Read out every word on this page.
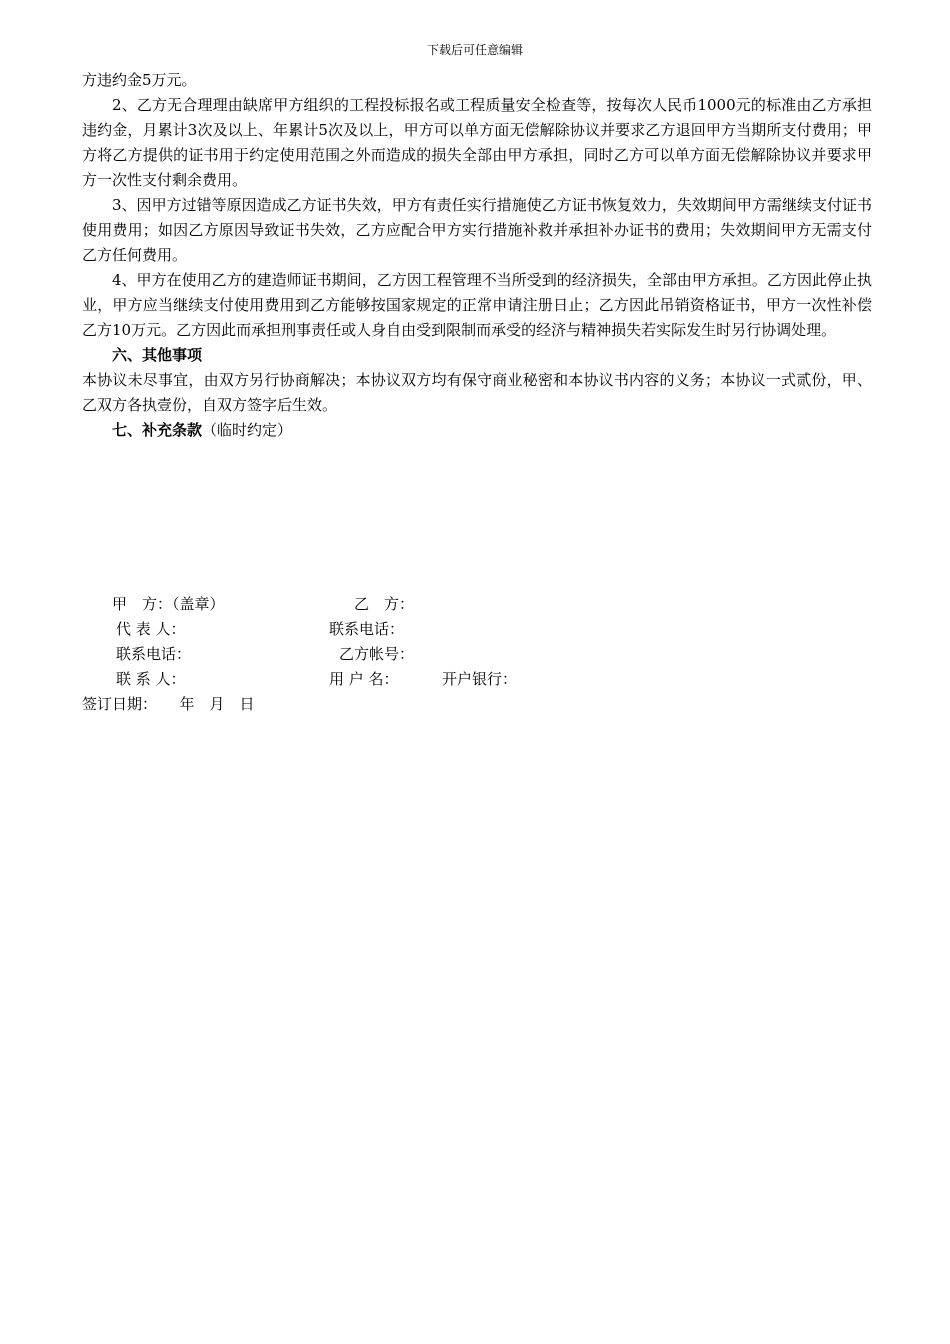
下载后可任意编辑

方违约金5万元。

2、乙方无合理理由缺席甲方组织的工程投标报名或工程质量安全检查等，按每次人民币1000元的标准由乙方承担违约金，月累计3次及以上、年累计5次及以上，甲方可以单方面无偿解除协议并要求乙方退回甲方当期所支付费用；甲方将乙方提供的证书用于约定使用范围之外而造成的损失全部由甲方承担，同时乙方可以单方面无偿解除协议并要求甲方一次性支付剩余费用。

3、因甲方过错等原因造成乙方证书失效，甲方有责任实行措施使乙方证书恢复效力，失效期间甲方需继续支付证书使用费用；如因乙方原因导致证书失效，乙方应配合甲方实行措施补救并承担补办证书的费用；失效期间甲方无需支付乙方任何费用。

4、甲方在使用乙方的建造师证书期间，乙方因工程管理不当所受到的经济损失，全部由甲方承担。乙方因此停止执业，甲方应当继续支付使用费用到乙方能够按国家规定的正常申请注册日止；乙方因此吊销资格证书，甲方一次性补偿乙方10万元。乙方因此而承担刑事责任或人身自由受到限制而承受的经济与精神损失若实际发生时另行协调处理。

六、其他事项

本协议未尽事宜，由双方另行协商解决；本协议双方均有保守商业秘密和本协议书内容的义务；本协议一式贰份，甲、乙双方各执壹份，自双方签字后生效。

七、补充条款（临时约定）

甲　方：（盖章）	乙　方：
代 表 人：	联系电话：
联系电话：	乙方帐号：
联 系 人：	用 户 名：	开户银行：
签订日期：　　年　月　日
